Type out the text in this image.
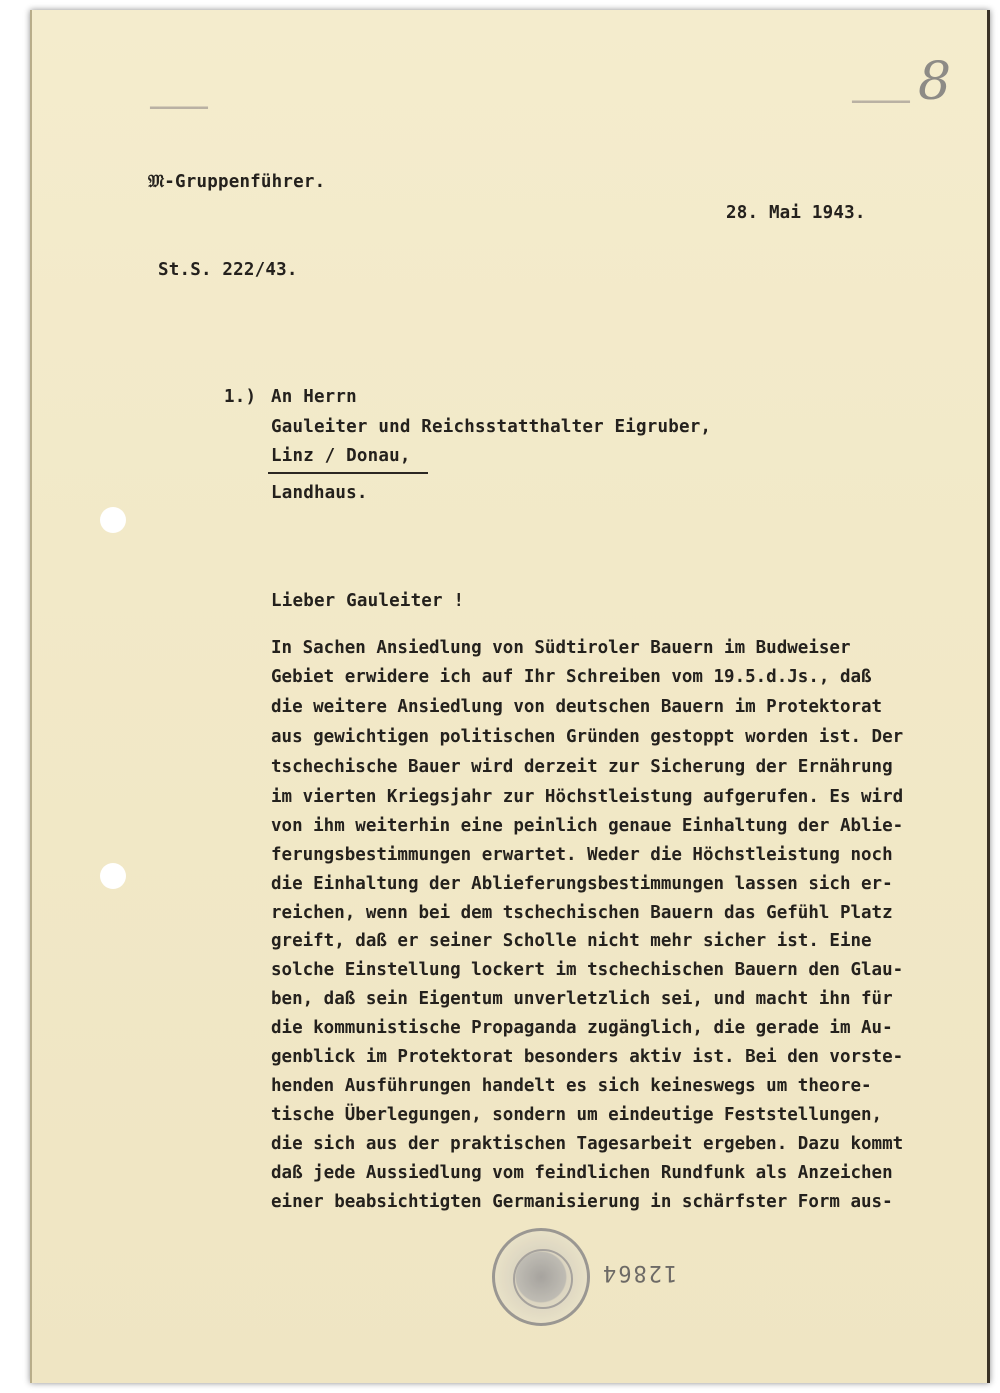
8
▁▁▁▁▁▁	▁▁▁▁▁▁
𝔐-Gruppenführer.
28. Mai 1943.
St.S. 222/43.
1.) An Herrn
Gauleiter und Reichsstatthalter Eigruber,
Linz / Donau,
Landhaus.
Lieber Gauleiter !
In Sachen Ansiedlung von Südtiroler Bauern im Budweiser
Gebiet erwidere ich auf Ihr Schreiben vom 19.5.d.Js., daß
die weitere Ansiedlung von deutschen Bauern im Protektorat
aus gewichtigen politischen Gründen gestoppt worden ist. Der
tschechische Bauer wird derzeit zur Sicherung der Ernährung
im vierten Kriegsjahr zur Höchstleistung aufgerufen. Es wird
von ihm weiterhin eine peinlich genaue Einhaltung der Ablie-
ferungsbestimmungen erwartet. Weder die Höchstleistung noch
die Einhaltung der Ablieferungsbestimmungen lassen sich er-
reichen, wenn bei dem tschechischen Bauern das Gefühl Platz
greift, daß er seiner Scholle nicht mehr sicher ist. Eine
solche Einstellung lockert im tschechischen Bauern den Glau-
ben, daß sein Eigentum unverletzlich sei, und macht ihn für
die kommunistische Propaganda zugänglich, die gerade im Au-
genblick im Protektorat besonders aktiv ist. Bei den vorste-
henden Ausführungen handelt es sich keineswegs um theore-
tische Überlegungen, sondern um eindeutige Feststellungen,
die sich aus der praktischen Tagesarbeit ergeben. Dazu kommt
daß jede Aussiedlung vom feindlichen Rundfunk als Anzeichen
einer beabsichtigten Germanisierung in schärfster Form aus-
12864
